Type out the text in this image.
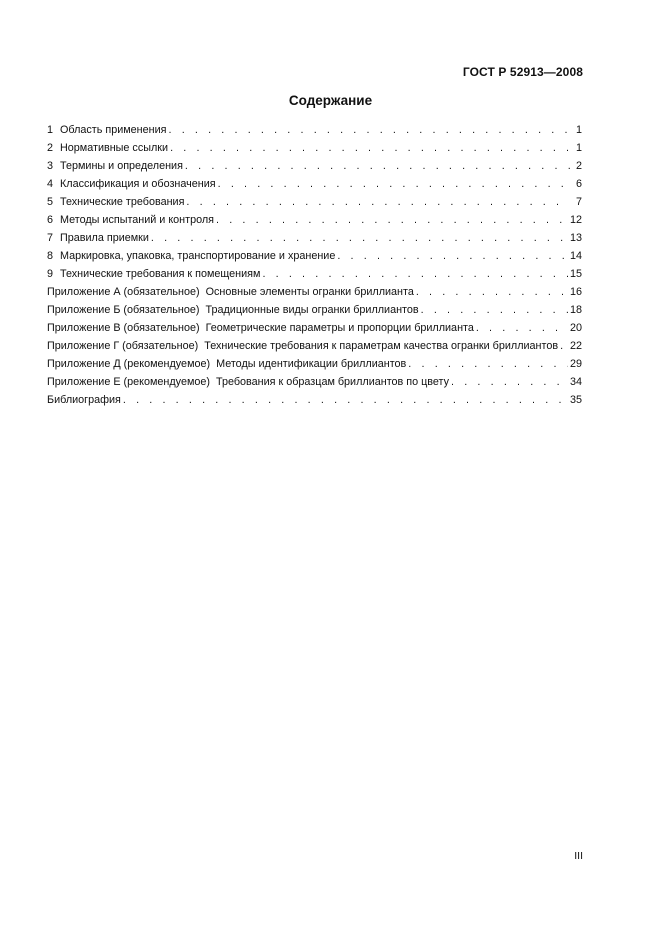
ГОСТ Р 52913—2008
Содержание
1 Область применения . . .	1
2 Нормативные ссылки . . .	1
3 Термины и определения . . .	2
4 Классификация и обозначения . . .	6
5 Технические требования . . .	7
6 Методы испытаний и контроля . . .	12
7 Правила приемки . . .	13
8 Маркировка, упаковка, транспортирование и хранение . . .	14
9 Технические требования к помещениям . . .	15
Приложение А (обязательное) Основные элементы огранки бриллианта . . .	16
Приложение Б (обязательное) Традиционные виды огранки бриллиантов . . .	18
Приложение В (обязательное) Геометрические параметры и пропорции бриллианта . . .	20
Приложение Г (обязательное) Технические требования к параметрам качества огранки бриллиантов . . . 22
Приложение Д (рекомендуемое) Методы идентификации бриллиантов . . .	29
Приложение Е (рекомендуемое) Требования к образцам бриллиантов по цвету . . .	34
Библиография . . .	35
III
